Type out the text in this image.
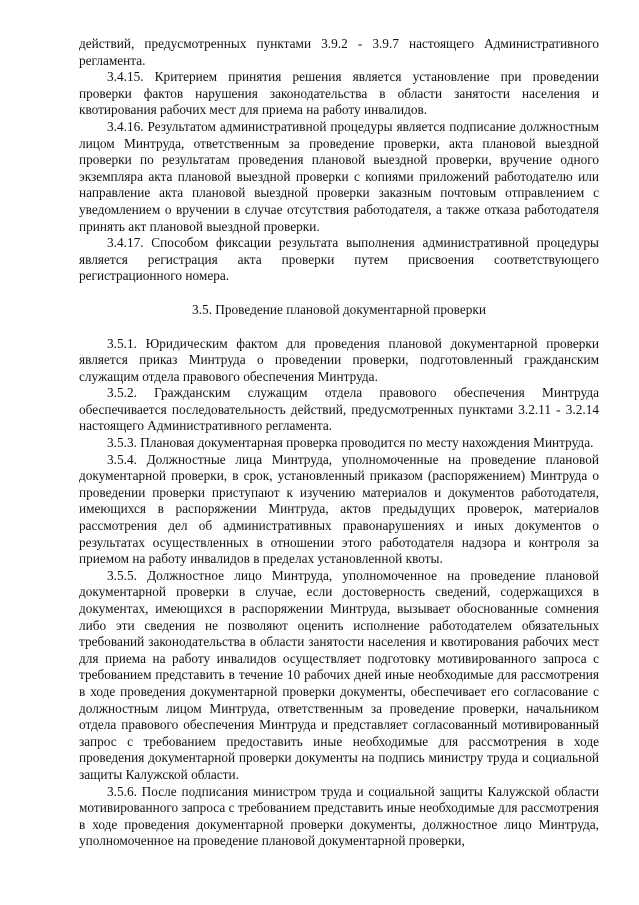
действий, предусмотренных пунктами 3.9.2 - 3.9.7 настоящего Административного регламента.

3.4.15. Критерием принятия решения является установление при проведении проверки фактов нарушения законодательства в области занятости населения и квотирования рабочих мест для приема на работу инвалидов.

3.4.16. Результатом административной процедуры является подписание должностным лицом Минтруда, ответственным за проведение проверки, акта плановой выездной проверки по результатам проведения плановой выездной проверки, вручение одного экземпляра акта плановой выездной проверки с копиями приложений работодателю или направление акта плановой выездной проверки заказным почтовым отправлением с уведомлением о вручении в случае отсутствия работодателя, а также отказа работодателя принять акт плановой выездной проверки.

3.4.17. Способом фиксации результата выполнения административной процедуры является регистрация акта проверки путем присвоения соответствующего регистрационного номера.

3.5. Проведение плановой документарной проверки

3.5.1. Юридическим фактом для проведения плановой документарной проверки является приказ Минтруда о проведении проверки, подготовленный гражданским служащим отдела правового обеспечения Минтруда.

3.5.2. Гражданским служащим отдела правового обеспечения Минтруда обеспечивается последовательность действий, предусмотренных пунктами 3.2.11 - 3.2.14 настоящего Административного регламента.

3.5.3. Плановая документарная проверка проводится по месту нахождения Минтруда.

3.5.4. Должностные лица Минтруда, уполномоченные на проведение плановой документарной проверки, в срок, установленный приказом (распоряжением) Минтруда о проведении проверки приступают к изучению материалов и документов работодателя, имеющихся в распоряжении Минтруда, актов предыдущих проверок, материалов рассмотрения дел об административных правонарушениях и иных документов о результатах осуществленных в отношении этого работодателя надзора и контроля за приемом на работу инвалидов в пределах установленной квоты.

3.5.5. Должностное лицо Минтруда, уполномоченное на проведение плановой документарной проверки в случае, если достоверность сведений, содержащихся в документах, имеющихся в распоряжении Минтруда, вызывает обоснованные сомнения либо эти сведения не позволяют оценить исполнение работодателем обязательных требований законодательства в области занятости населения и квотирования рабочих мест для приема на работу инвалидов осуществляет подготовку мотивированного запроса с требованием представить в течение 10 рабочих дней иные необходимые для рассмотрения в ходе проведения документарной проверки документы, обеспечивает его согласование с должностным лицом Минтруда, ответственным за проведение проверки, начальником отдела правового обеспечения Минтруда и представляет согласованный мотивированный запрос с требованием предоставить иные необходимые для рассмотрения в ходе проведения документарной проверки документы на подпись министру труда и социальной защиты Калужской области.

3.5.6. После подписания министром труда и социальной защиты Калужской области мотивированного запроса с требованием представить иные необходимые для рассмотрения в ходе проведения документарной проверки документы, должностное лицо Минтруда, уполномоченное на проведение плановой документарной проверки,
